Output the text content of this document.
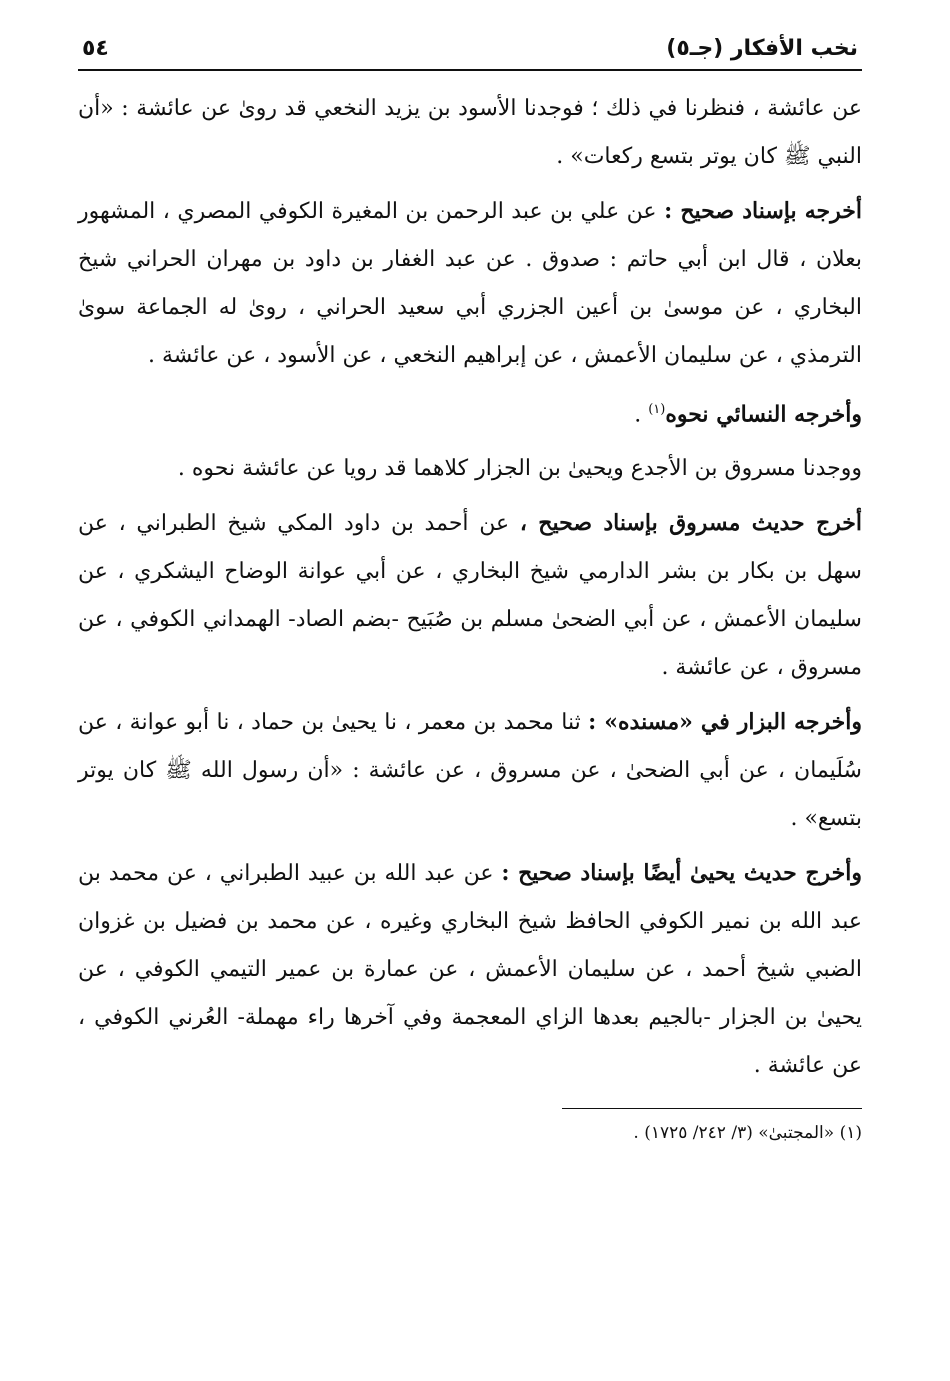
نخب الأفكار (جـ٥)
٥٤

عن عائشة ، فنظرنا في ذلك ؛ فوجدنا الأسود بن يزيد النخعي قد روىٰ عن عائشة : «أن النبي ﷺ كان يوتر بتسع ركعات» .

أخرجه بإسناد صحيح : عن علي بن عبد الرحمن بن المغيرة الكوفي المصري ، المشهور بعلان ، قال ابن أبي حاتم : صدوق . عن عبد الغفار بن داود بن مهران الحراني شيخ البخاري ، عن موسىٰ بن أعين الجزري أبي سعيد الحراني ، روىٰ له الجماعة سوىٰ الترمذي ، عن سليمان الأعمش ، عن إبراهيم النخعي ، عن الأسود ، عن عائشة .

وأخرجه النسائي نحوه$^{(١)}$ .

ووجدنا مسروق بن الأجدع ويحيىٰ بن الجزار كلاهما قد رويا عن عائشة نحوه .

أخرج حديث مسروق بإسناد صحيح ، عن أحمد بن داود المكي شيخ الطبراني ، عن سهل بن بكار بن بشر الدارمي شيخ البخاري ، عن أبي عوانة الوضاح اليشكري ، عن سليمان الأعمش ، عن أبي الضحىٰ مسلم بن صُبَيح -بضم الصاد- الهمداني الكوفي ، عن مسروق ، عن عائشة .

وأخرجه البزار في «مسنده» : ثنا محمد بن معمر ، نا يحيىٰ بن حماد ، نا أبو عوانة ، عن سُلَيمان ، عن أبي الضحىٰ ، عن مسروق ، عن عائشة : «أن رسول الله ﷺ كان يوتر بتسع» .

وأخرج حديث يحيىٰ أيضًا بإسناد صحيح : عن عبد الله بن عبيد الطبراني ، عن محمد بن عبد الله بن نمير الكوفي الحافظ شيخ البخاري وغيره ، عن محمد بن فضيل بن غزوان الضبي شيخ أحمد ، عن سليمان الأعمش ، عن عمارة بن عمير التيمي الكوفي ، عن يحيىٰ بن الجزار -بالجيم بعدها الزاي المعجمة وفي آخرها راء مهملة- العُرني الكوفي ، عن عائشة .

(١) «المجتبىٰ» (٣/ ٢٤٢/ ١٧٢٥) .
